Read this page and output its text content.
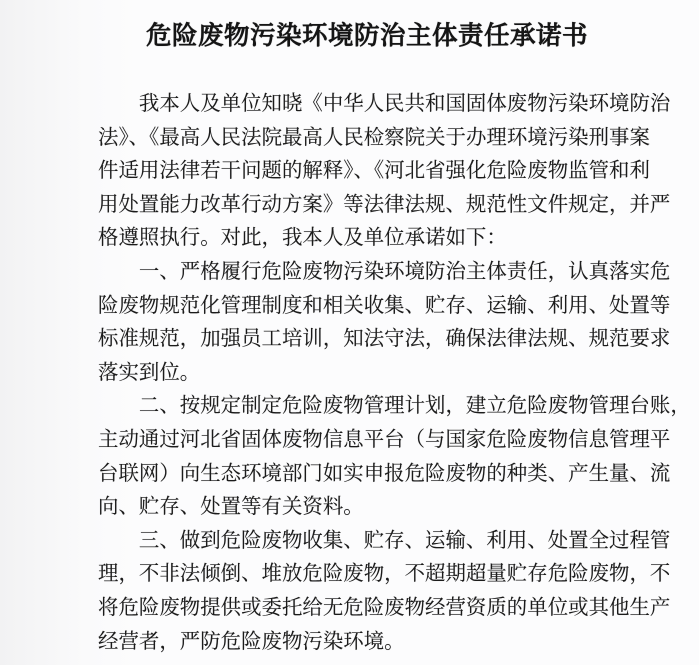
危险废物污染环境防治主体责任承诺书

　　我本人及单位知晓《中华人民共和国固体废物污染环境防治
法》、《最高人民法院最高人民检察院关于办理环境污染刑事案
件适用法律若干问题的解释》、《河北省强化危险废物监管和利
用处置能力改革行动方案》等法律法规、规范性文件规定，并严
格遵照执行。对此，我本人及单位承诺如下：

　　一、严格履行危险废物污染环境防治主体责任，认真落实危
险废物规范化管理制度和相关收集、贮存、运输、利用、处置等
标准规范，加强员工培训，知法守法，确保法律法规、规范要求
落实到位。

　　二、按规定制定危险废物管理计划，建立危险废物管理台账，
主动通过河北省固体废物信息平台（与国家危险废物信息管理平
台联网）向生态环境部门如实申报危险废物的种类、产生量、流
向、贮存、处置等有关资料。

　　三、做到危险废物收集、贮存、运输、利用、处置全过程管
理，不非法倾倒、堆放危险废物，不超期超量贮存危险废物，不
将危险废物提供或委托给无危险废物经营资质的单位或其他生产
经营者，严防危险废物污染环境。
